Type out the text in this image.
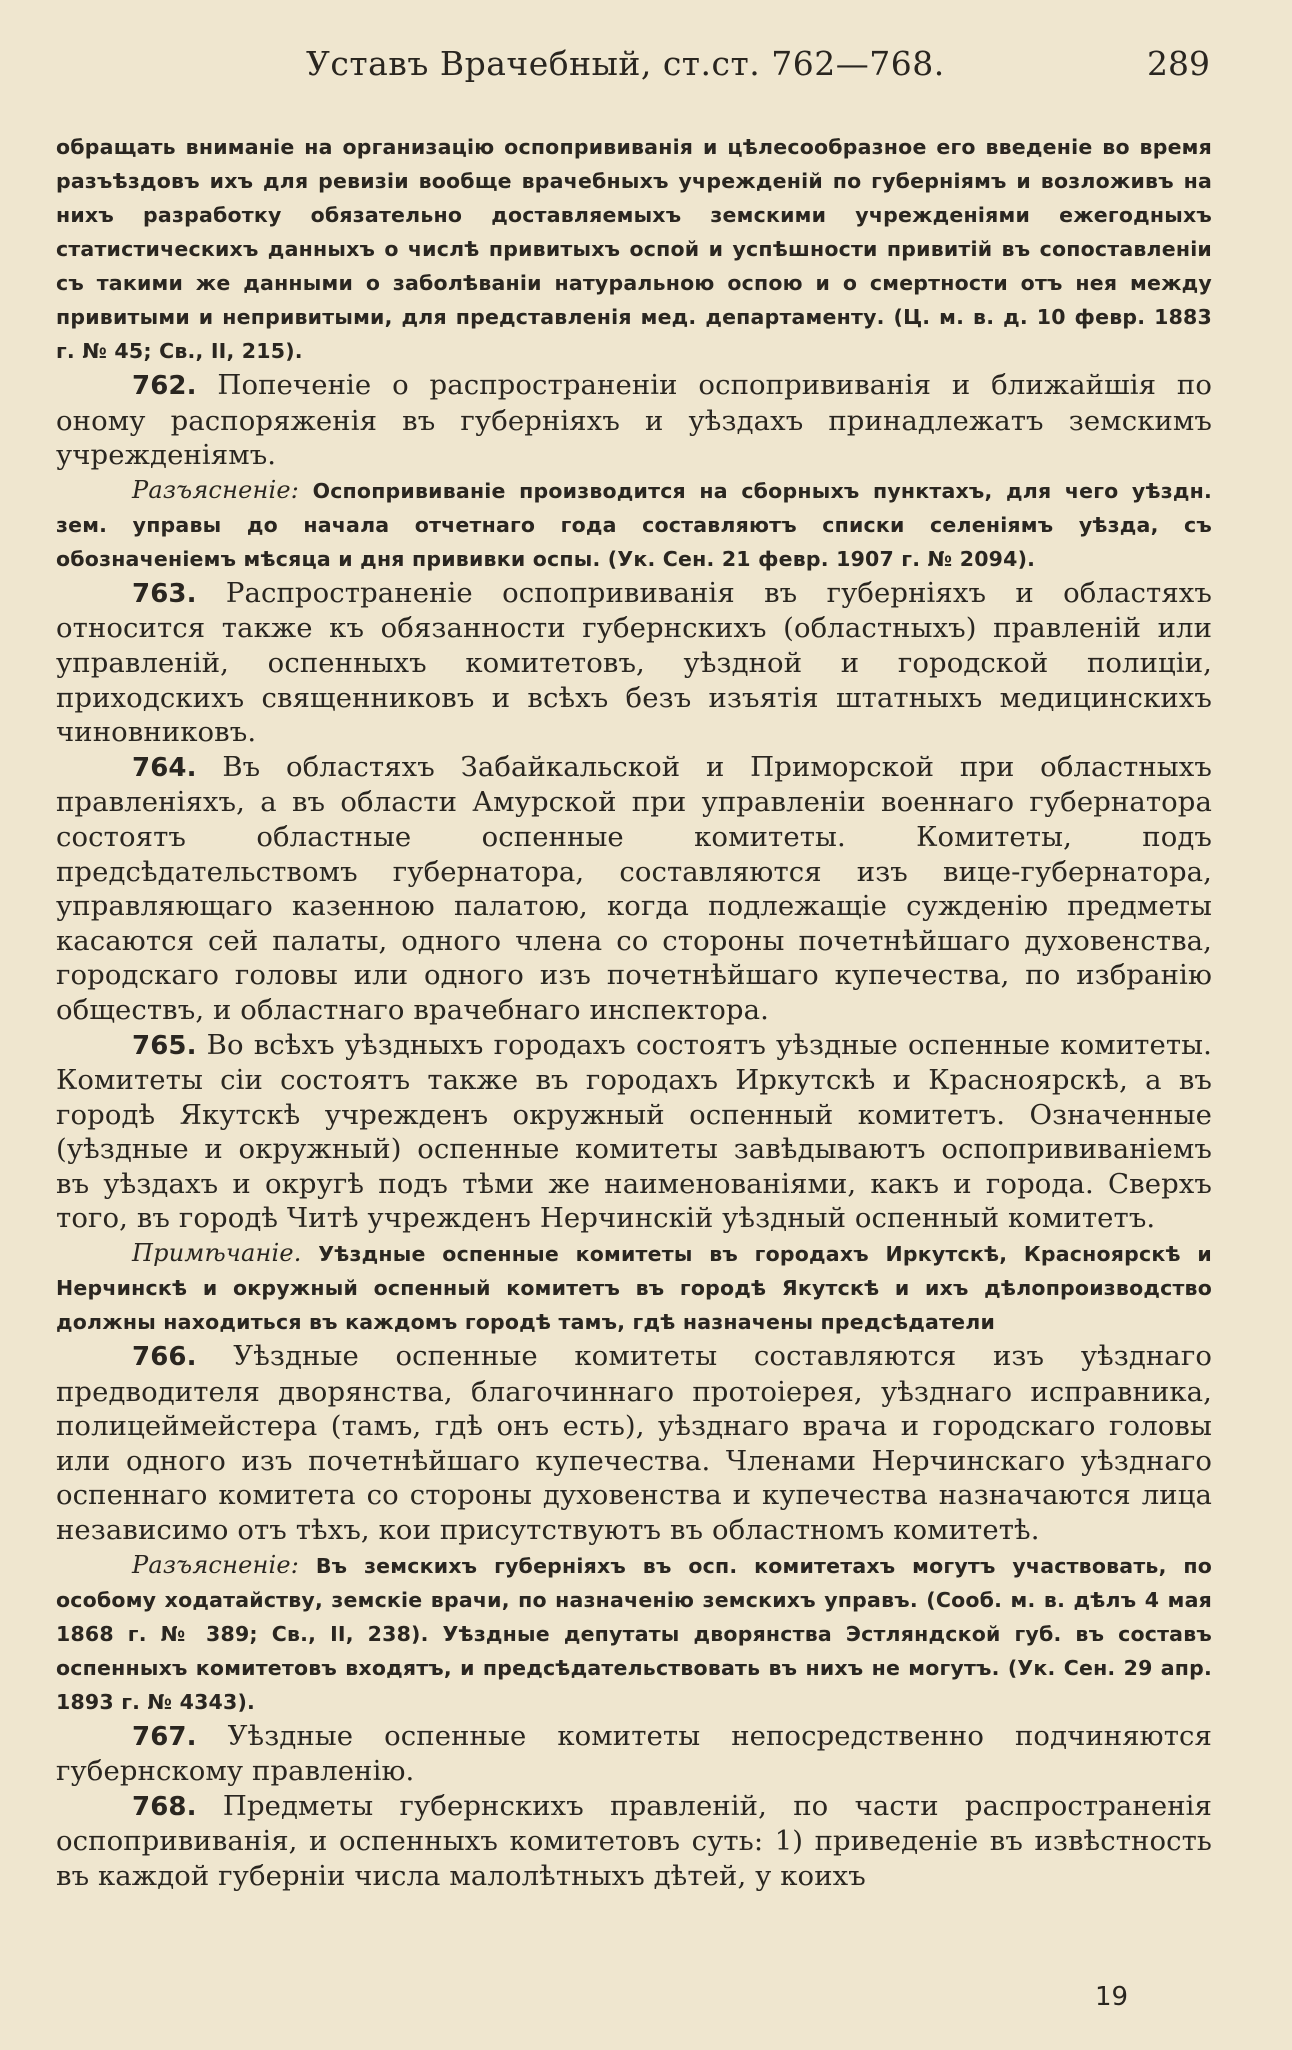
Уставъ Врачебный, ст.ст. 762—768.	289

обращать вниманіе на организацію оспопрививанія и цѣлесообразное его введеніе во время разъѣздовъ ихъ для ревизіи вообще врачебныхъ учрежденій по губерніямъ и возложивъ на нихъ разработку обязательно доставляемыхъ земскими учрежденіями ежегодныхъ статистическихъ данныхъ о числѣ привитыхъ оспой и успѣшности привитій въ сопоставленіи съ такими же данными о заболѣваніи натуральною оспою и о смертности отъ нея между привитыми и непривитыми, для представленія мед. департаменту. (Ц. м. в. д. 10 февр. 1883 г. № 45; Св., II, 215).

762. Попеченіе о распространеніи оспопрививанія и ближайшія по оному распоряженія въ губерніяхъ и уѣздахъ принадлежатъ земскимъ учрежденіямъ.

Разъясненіе: Оспопрививаніе производится на сборныхъ пунктахъ, для чего уѣздн. зем. управы до начала отчетнаго года составляютъ списки селеніямъ уѣзда, съ обозначеніемъ мѣсяца и дня прививки оспы. (Ук. Сен. 21 февр. 1907 г. № 2094).

763. Распространеніе оспопрививанія въ губерніяхъ и областяхъ относится также къ обязанности губернскихъ (областныхъ) правленій или управленій, оспенныхъ комитетовъ, уѣздной и городской полиціи, приходскихъ священниковъ и всѣхъ безъ изъятія штатныхъ медицинскихъ чиновниковъ.

764. Въ областяхъ Забайкальской и Приморской при областныхъ правленіяхъ, а въ области Амурской при управленіи военнаго губернатора состоятъ областные оспенные комитеты. Комитеты, подъ предсѣдательствомъ губернатора, составляются изъ вице-губернатора, управляющаго казенною палатою, когда подлежащіе сужденію предметы касаются сей палаты, одного члена со стороны почетнѣйшаго духовенства, городскаго головы или одного изъ почетнѣйшаго купечества, по избранію обществъ, и областнаго врачебнаго инспектора.

765. Во всѣхъ уѣздныхъ городахъ состоятъ уѣздные оспенные комитеты. Комитеты сіи состоятъ также въ городахъ Иркутскѣ и Красноярскѣ, а въ городѣ Якутскѣ учрежденъ окружный оспенный комитетъ. Означенные (уѣздные и окружный) оспенные комитеты завѣдываютъ оспопрививаніемъ въ уѣздахъ и округѣ подъ тѣми же наименованіями, какъ и города. Сверхъ того, въ городѣ Читѣ учрежденъ Нерчинскій уѣздный оспенный комитетъ.

Примѣчаніе. Уѣздные оспенные комитеты въ городахъ Иркутскѣ, Красноярскѣ и Нерчинскѣ и окружный оспенный комитетъ въ городѣ Якутскѣ и ихъ дѣлопроизводство должны находиться въ каждомъ городѣ тамъ, гдѣ назначены предсѣдатели

766. Уѣздные оспенные комитеты составляются изъ уѣзднаго предводителя дворянства, благочиннаго протоіерея, уѣзднаго исправника, полицеймейстера (тамъ, гдѣ онъ есть), уѣзднаго врача и городскаго головы или одного изъ почетнѣйшаго купечества. Членами Нерчинскаго уѣзднаго оспеннаго комитета со стороны духовенства и купечества назначаются лица независимо отъ тѣхъ, кои присутствуютъ въ областномъ комитетѣ.

Разъясненіе: Въ земскихъ губерніяхъ въ осп. комитетахъ могутъ участвовать, по особому ходатайству, земскіе врачи, по назначенію земскихъ управъ. (Сооб. м. в. дѣлъ 4 мая 1868 г. № 389; Св., II, 238). Уѣздные депутаты дворянства Эстляндской губ. въ составъ оспенныхъ комитетовъ входятъ, и предсѣдательствовать въ нихъ не могутъ. (Ук. Сен. 29 апр. 1893 г. № 4343).

767. Уѣздные оспенные комитеты непосредственно подчиняются губернскому правленію.

768. Предметы губернскихъ правленій, по части распространенія оспопрививанія, и оспенныхъ комитетовъ суть: 1) приведеніе въ извѣстность въ каждой губерніи числа малолѣтныхъ дѣтей, у коихъ

19
